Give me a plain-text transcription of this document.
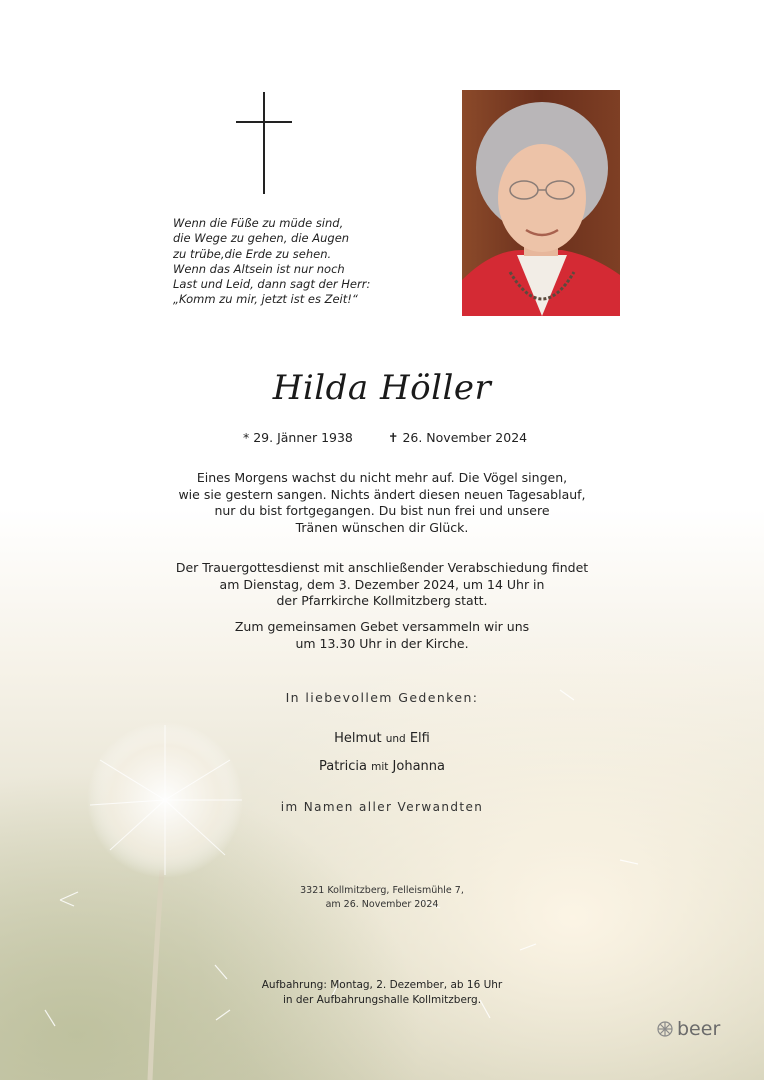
Wenn die Füße zu müde sind,
die Wege zu gehen, die Augen
zu trübe,die Erde zu sehen.
Wenn das Altsein ist nur noch
Last und Leid, dann sagt der Herr:
„Komm zu mir, jetzt ist es Zeit!“
Hilda Höller
* 29. Jänner 1938	✝ 26. November 2024
Eines Morgens wachst du nicht mehr auf. Die Vögel singen,
wie sie gestern sangen. Nichts ändert diesen neuen Tagesablauf,
nur du bist fortgegangen. Du bist nun frei und unsere
Tränen wünschen dir Glück.
Der Trauergottesdienst mit anschließender Verabschiedung findet
am Dienstag, dem 3. Dezember 2024, um 14 Uhr in
der Pfarrkirche Kollmitzberg statt.
Zum gemeinsamen Gebet versammeln wir uns
um 13.30 Uhr in der Kirche.
In liebevollem Gedenken:
Helmut und Elfi
Patricia mit Johanna
im Namen aller Verwandten
3321 Kollmitzberg, Felleismühle 7,
am 26. November 2024
Aufbahrung: Montag, 2. Dezember, ab 16 Uhr
in der Aufbahrungshalle Kollmitzberg.
beer
